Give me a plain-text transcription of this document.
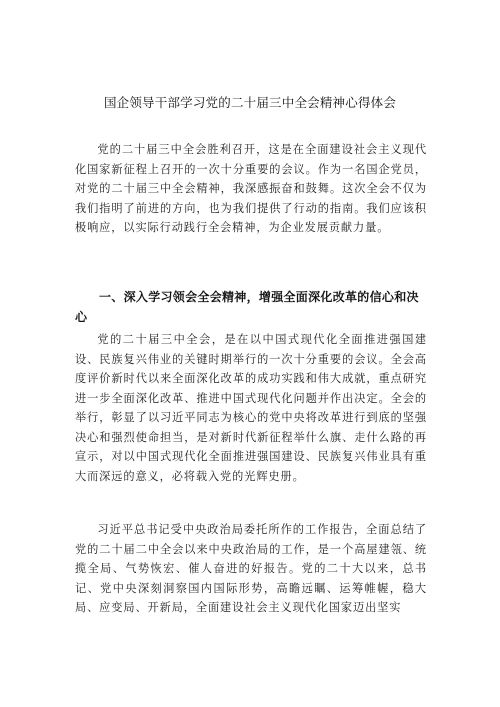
国企领导干部学习党的二十届三中全会精神心得体会

党的二十届三中全会胜利召开，这是在全面建设社会主义现代化国家新征程上召开的一次十分重要的会议。作为一名国企党员，对党的二十届三中全会精神，我深感振奋和鼓舞。这次全会不仅为我们指明了前进的方向，也为我们提供了行动的指南。我们应该积极响应，以实际行动践行全会精神，为企业发展贡献力量。

一、深入学习领会全会精神，增强全面深化改革的信心和决心

党的二十届三中全会，是在以中国式现代化全面推进强国建设、民族复兴伟业的关键时期举行的一次十分重要的会议。全会高度评价新时代以来全面深化改革的成功实践和伟大成就，重点研究进一步全面深化改革、推进中国式现代化问题并作出决定。全会的举行，彰显了以习近平同志为核心的党中央将改革进行到底的坚强决心和强烈使命担当，是对新时代新征程举什么旗、走什么路的再宣示，对以中国式现代化全面推进强国建设、民族复兴伟业具有重大而深远的意义，必将载入党的光辉史册。

习近平总书记受中央政治局委托所作的工作报告，全面总结了党的二十届二中全会以来中央政治局的工作，是一个高屋建瓴、统揽全局、气势恢宏、催人奋进的好报告。党的二十大以来，总书记、党中央深刻洞察国内国际形势，高瞻远瞩、运筹帷幄，稳大局、应变局、开新局，全面建设社会主义现代化国家迈出坚实
